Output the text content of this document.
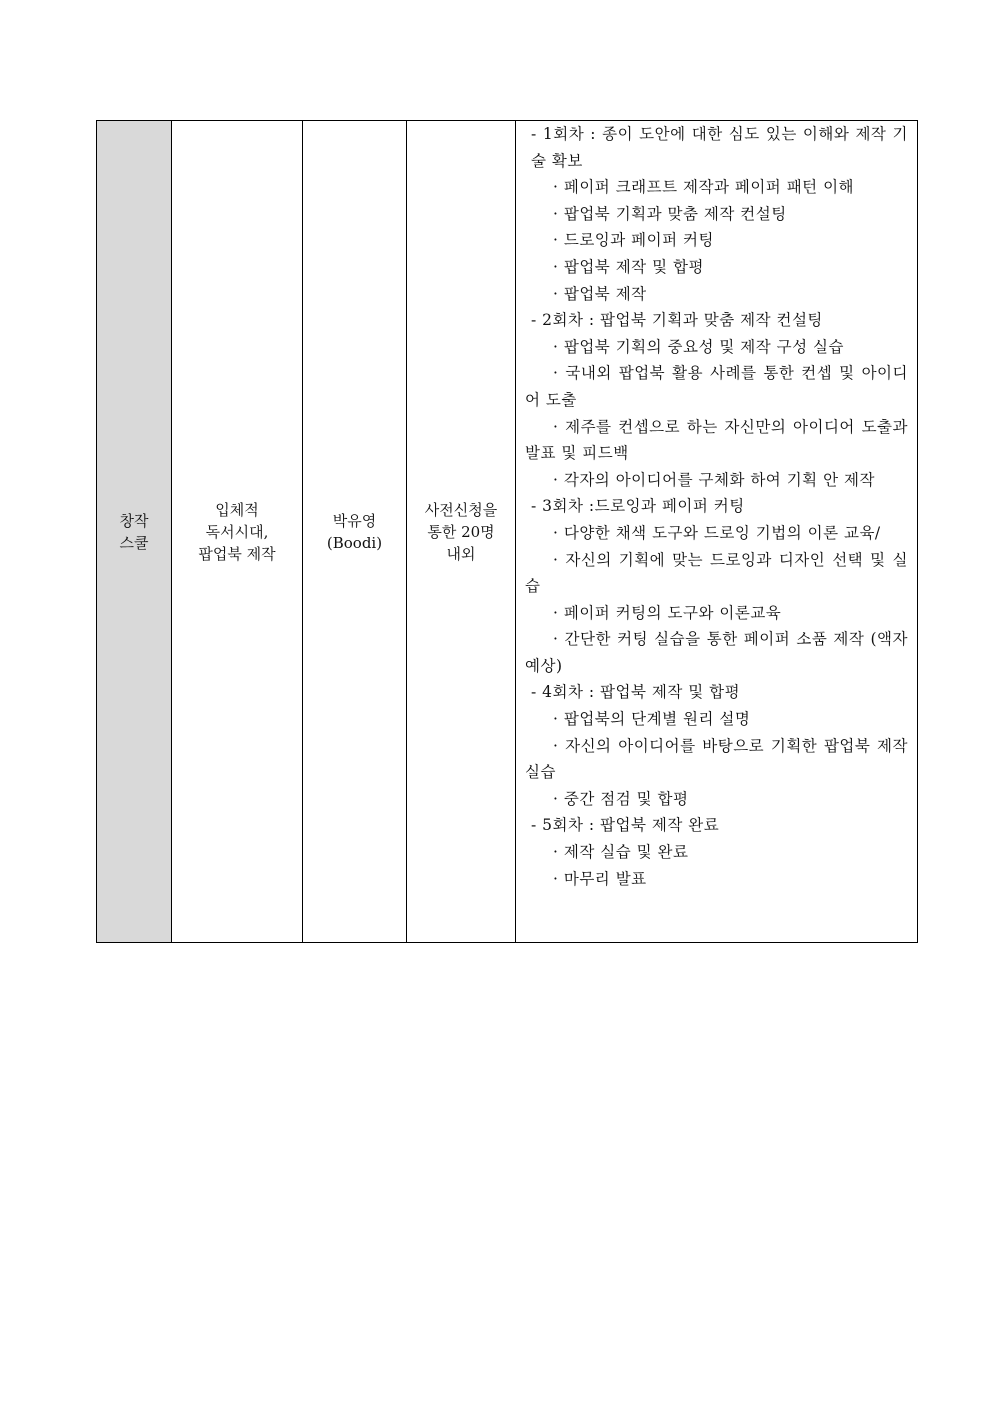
창작
스쿨

입체적
독서시대,
팝업북 제작

박유영
(Boodi)

사전신청을
통한 20명
내외

- 1회차 : 종이 도안에 대한 심도 있는 이해와 제작 기술 확보
· 페이퍼 크래프트 제작과 페이퍼 패턴 이해
· 팝업북 기획과 맞춤 제작 컨설팅
· 드로잉과 페이퍼 커팅
· 팝업북 제작 및 합평
· 팝업북 제작
- 2회차 : 팝업북 기획과 맞춤 제작 컨설팅
· 팝업북 기획의 중요성 및 제작 구성 실습
· 국내외 팝업북 활용 사례를 통한 컨셉 및 아이디어 도출
· 제주를 컨셉으로 하는 자신만의 아이디어 도출과 발표 및 피드백
· 각자의 아이디어를 구체화 하여 기획 안 제작
- 3회차 :드로잉과 페이퍼 커팅
· 다양한 채색 도구와 드로잉 기법의 이론 교육/
· 자신의 기획에 맞는 드로잉과 디자인 선택 및 실습
· 페이퍼 커팅의 도구와 이론교육
· 간단한 커팅 실습을 통한 페이퍼 소품 제작 (액자 예상)
- 4회차 : 팝업북 제작 및 합평
· 팝업북의 단계별 원리 설명
· 자신의 아이디어를 바탕으로 기획한 팝업북 제작 실습
· 중간 점검 및 합평
- 5회차 : 팝업북 제작 완료
· 제작 실습 및 완료
· 마무리 발표
